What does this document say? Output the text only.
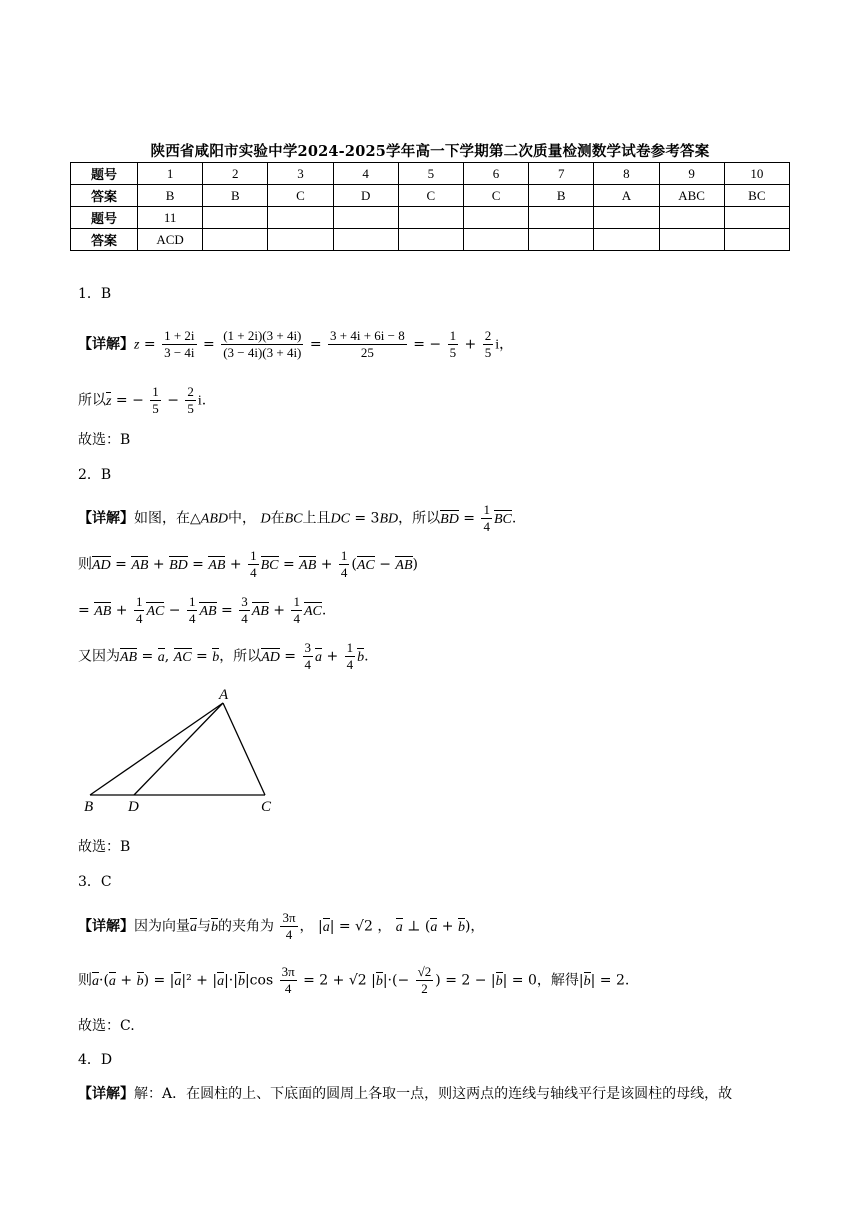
陕西省咸阳市实验中学2024-2025学年高一下学期第二次质量检测数学试卷参考答案
题号	1	2	3	4	5	6	7	8	9	10
答案	B	B	C	D	C	C	B	A	ABC	BC
题号	11									
答案	ACD									
1．B
【详解】$z = \frac{1 + 2i}{3 - 4i} = \frac{(1 + 2i)(3 + 4i)}{(3 - 4i)(3 + 4i)} = \frac{3 + 4i + 6i - 8}{25}$ = − $\frac{1}{5} + \frac{2}{5}$ i，
所以z = − $\frac{1}{5} - \frac{2}{5} i$.
故选：B
2．B
【详解】如图，在△ABD中， D在BC上且DC = 3BD，所以BD = $\frac{1}{4}$ BC.
则AD = AB + BD = AB + $\frac{1}{4}$ BC = AB + $\frac{1}{4} (AC - AB)$
= AB + $\frac{1}{4}$ AC − $\frac{1}{4}$ AB = $\frac{3}{4}$ AB + $\frac{1}{4}$ AC.
又因为AB = a, AC = b，所以AD = $\frac{3}{4}$ $a + \frac{1}{4} b$.
A
B D	C
故选：B
3．C
【详解】因为向量a与b的夹角为 $\frac{3\pi}{4}$ ， |a| = √2 ， a ⊥ (a + b)，
则$a\cdot(a + b) = |a|^2 + |a|\cdot|b|\cos \frac{3\pi}{4} = 2 + √2$ $|b|\cdot(- \frac{√2}{2}$ ) = 2 − |b| = 0，解得|b| = 2.
故选：C.
4．D
【详解】解：A．在圆柱的上、下底面的圆周上各取一点，则这两点的连线与轴线平行是该圆柱的母线，故
